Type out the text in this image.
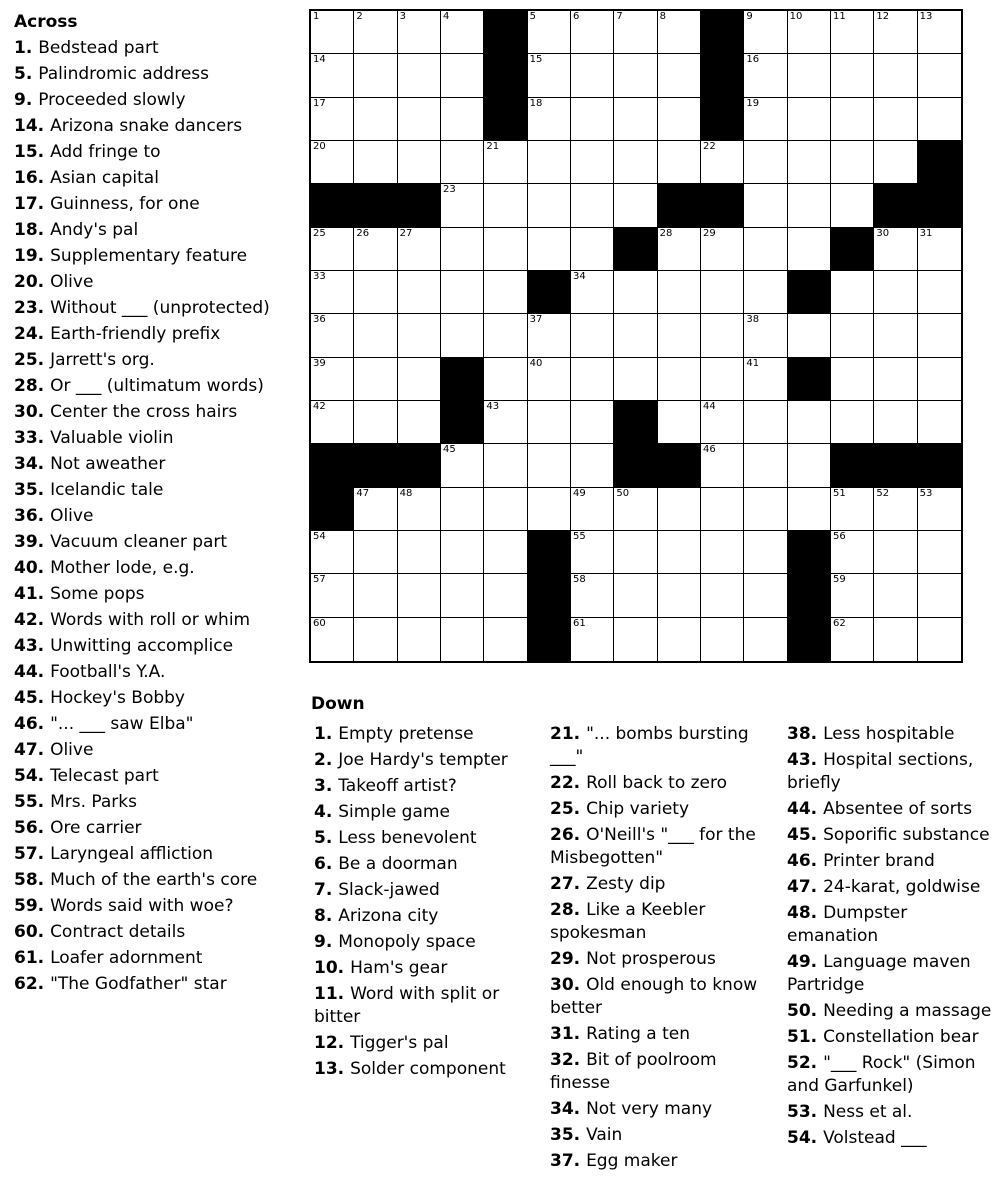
Across
1. Bedstead part
5. Palindromic address
9. Proceeded slowly
14. Arizona snake dancers
15. Add fringe to
16. Asian capital
17. Guinness, for one
18. Andy's pal
19. Supplementary feature
20. Olive
23. Without ___ (unprotected)
24. Earth-friendly prefix
25. Jarrett's org.
28. Or ___ (ultimatum words)
30. Center the cross hairs
33. Valuable violin
34. Not aweather
35. Icelandic tale
36. Olive
39. Vacuum cleaner part
40. Mother lode, e.g.
41. Some pops
42. Words with roll or whim
43. Unwitting accomplice
44. Football's Y.A.
45. Hockey's Bobby
46. "... ___ saw Elba"
47. Olive
54. Telecast part
55. Mrs. Parks
56. Ore carrier
57. Laryngeal affliction
58. Much of the earth's core
59. Words said with woe?
60. Contract details
61. Loafer adornment
62. "The Godfather" star
1	2	3	4	5	6	7	8	9	10	11	12	13
14	15	16
17	18	19
20	21	22
23
25	26	27	28	29	30	31
33	34
36	37	38
39	40	41
42	43	44
45	46
47	48	49	50	51	52	53
54	55	56
57	58	59
60	61	62
Down
1. Empty pretense
2. Joe Hardy's tempter
3. Takeoff artist?
4. Simple game
5. Less benevolent
6. Be a doorman
7. Slack-jawed
8. Arizona city
9. Monopoly space
10. Ham's gear
11. Word with split or bitter
12. Tigger's pal
13. Solder component
21. "... bombs bursting ___"
22. Roll back to zero
25. Chip variety
26. O'Neill's "___ for the Misbegotten"
27. Zesty dip
28. Like a Keebler spokesman
29. Not prosperous
30. Old enough to know better
31. Rating a ten
32. Bit of poolroom finesse
34. Not very many
35. Vain
37. Egg maker
38. Less hospitable
43. Hospital sections, briefly
44. Absentee of sorts
45. Soporific substance
46. Printer brand
47. 24-karat, goldwise
48. Dumpster emanation
49. Language maven Partridge
50. Needing a massage
51. Constellation bear
52. "___ Rock" (Simon and Garfunkel)
53. Ness et al.
54. Volstead ___
